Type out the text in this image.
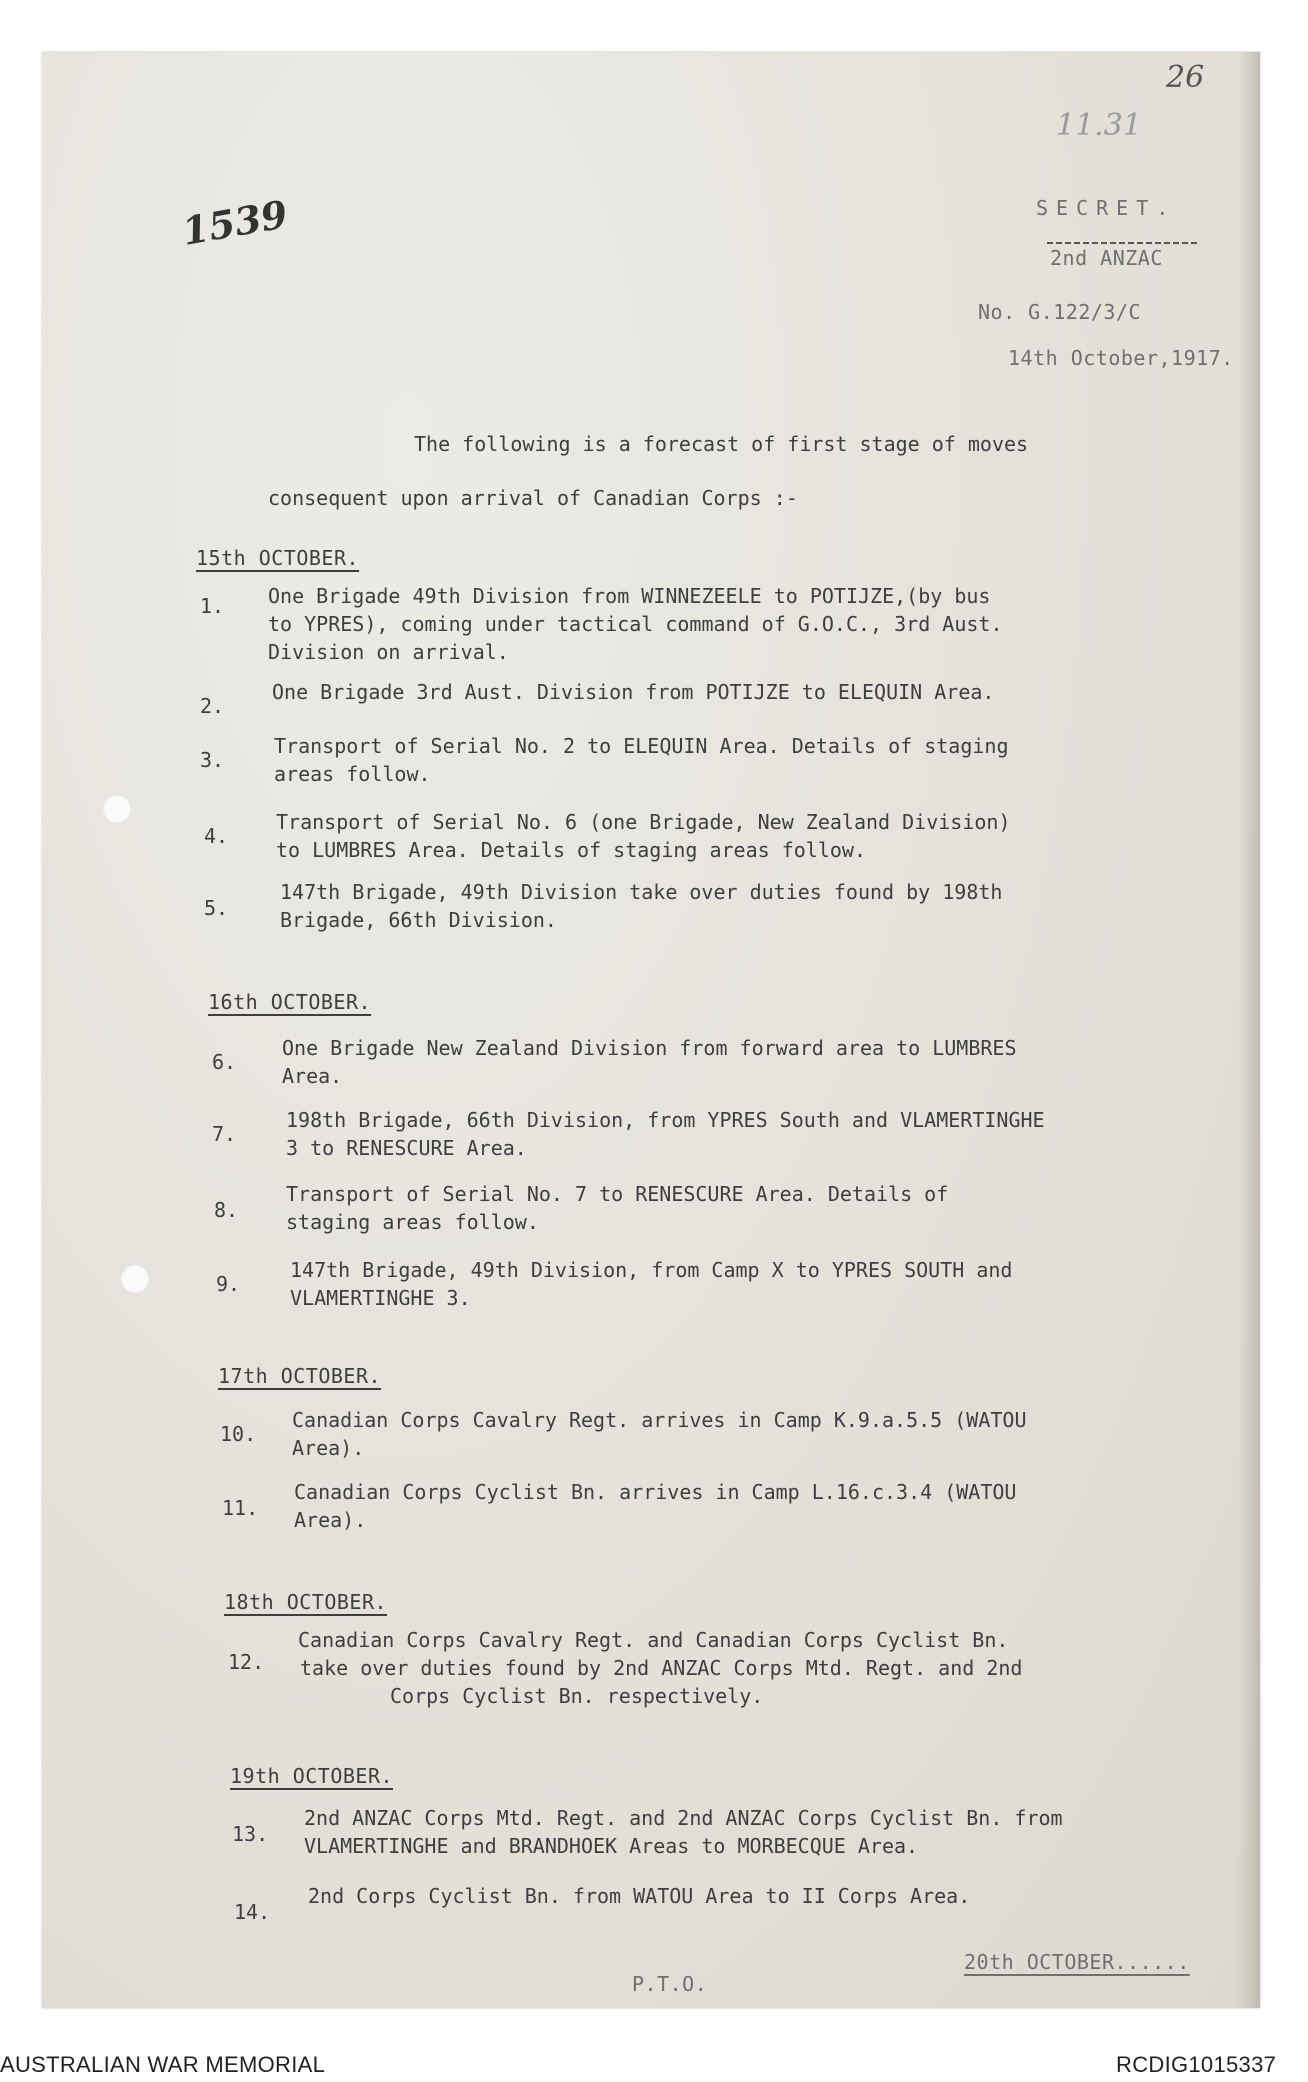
26
11.31
1539	SECRET.
2nd ANZAC
No. G.122/3/C
14th October,1917.
The following is a forecast of first stage of moves
consequent upon arrival of Canadian Corps :-
15th OCTOBER.
1. One Brigade 49th Division from WINNEZEELE to POTIJZE,(by bus
to YPRES), coming under tactical command of G.O.C., 3rd Aust.
Division on arrival.
2.
One Brigade 3rd Aust. Division from POTIJZE to ELEQUIN Area.
3.
Transport of Serial No. 2 to ELEQUIN Area. Details of staging
areas follow.
4.
Transport of Serial No. 6 (one Brigade, New Zealand Division)
to LUMBRES Area. Details of staging areas follow.
5.
147th Brigade, 49th Division take over duties found by 198th
Brigade, 66th Division.
16th OCTOBER.
6.
One Brigade New Zealand Division from forward area to LUMBRES
Area.
7.
198th Brigade, 66th Division, from YPRES South and VLAMERTINGHE
3 to RENESCURE Area.
8.
Transport of Serial No. 7 to RENESCURE Area. Details of
staging areas follow.
9.
147th Brigade, 49th Division, from Camp X to YPRES SOUTH and
VLAMERTINGHE 3.
17th OCTOBER.
10.
Canadian Corps Cavalry Regt. arrives in Camp K.9.a.5.5 (WATOU
Area).
11.
Canadian Corps Cyclist Bn. arrives in Camp L.16.c.3.4 (WATOU
Area).
18th OCTOBER.
12.
Canadian Corps Cavalry Regt. and Canadian Corps Cyclist Bn.
take over duties found by 2nd ANZAC Corps Mtd. Regt. and 2nd
Corps Cyclist Bn. respectively.
19th OCTOBER.
13.
2nd ANZAC Corps Mtd. Regt. and 2nd ANZAC Corps Cyclist Bn. from
VLAMERTINGHE and BRANDHOEK Areas to MORBECQUE Area.
14.
2nd Corps Cyclist Bn. from WATOU Area to II Corps Area.
P.T.O.
20th OCTOBER......
AUSTRALIAN WAR MEMORIAL	RCDIG1015337
